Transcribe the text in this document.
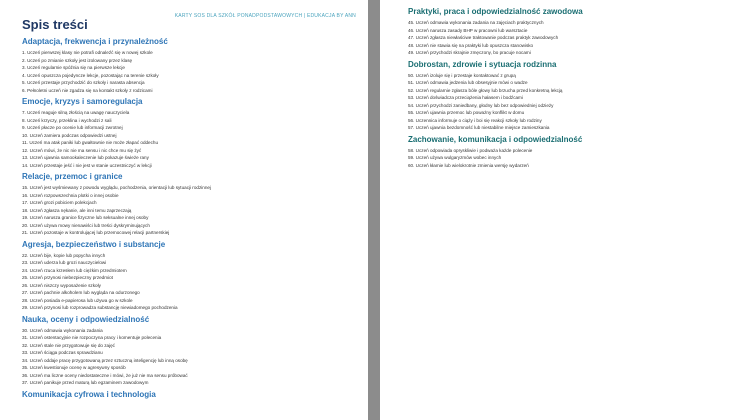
KARTY SOS DLA SZKÓŁ PONADPODSTAWOWYCH | EDUKACJA BY ANN
Spis treści
Adaptacja, frekwencja i przynależność
1. Uczeń pierwszej klasy nie potrafi odnaleźć się w nowej szkole
2. Uczeń po zmianie szkoły jest izolowany przez klasę
3. Uczeń regularnie spóźnia się na pierwsze lekcje
4. Uczeń opuszcza pojedyncze lekcje, pozostając na terenie szkoły
5. Uczeń przestaje przychodzić do szkoły i narasta absencja
6. Pełnoletni uczeń nie zgadza się na kontakt szkoły z rodzicami
Emocje, kryzys i samoregulacja
7. Uczeń reaguje silną złością na uwagę nauczyciela
8. Uczeń krzyczy, przeklina i wychodzi z sali
9. Uczeń płacze po ocenie lub informacji zwrotnej
10. Uczeń zamiera podczas odpowiedzi ustnej
11. Uczeń ma atak paniki lub gwałtownie nie może złapać oddechu
12. Uczeń mówi, że nic nie ma sensu i nic chce mu się żyć
13. Uczeń ujawnia samookaleczenie lub pokazuje świeże rany
14. Uczeń przestaje jeść i nie jest w stanie uczestniczyć w lekcji
Relacje, przemoc i granice
15. Uczeń jest wyśmiewany z powodu wyglądu, pochodzenia, orientacji lub sytuacji rodzinnej
16. Uczeń rozpowszechnia plotki o innej osobie
17. Uczeń grozi pobiciem polekcjach
18. Uczeń zgłasza nękanie, ale inni temu zaprzeczają
19. Uczeń narusza granice fizyczne lub seksualne innej osoby
20. Uczeń używa mowy nienawiści lub treści dyskryminujących
21. Uczeń pozostaje w kontrolującej lub przemocowej relacji partnerskiej
Agresja, bezpieczeństwo i substancje
22. Uczeń bije, kopie lub popycha innych
23. Uczeń uderza lub grozi nauczycielowi
24. Uczeń rzuca krzesłem lub ciężkim przedmiotem
25. Uczeń przynosi niebezpieczny przedmiot
26. Uczeń niszczy wyposażenie szkoły
27. Uczeń pachnie alkoholem lub wygląda na odurzonego
28. Uczeń posiada e-papierosa lub używa go w szkole
29. Uczeń przynosi lub rozprowadza substancję niewiadomego pochodzenia
Nauka, oceny i odpowiedzialność
30. Uczeń odmawia wykonania zadania
31. Uczeń ostentacyjnie nie rozpoczyna pracy i komentuje polecenia
32. Uczeń stale nie przygotowuje się do zajęć
33. Uczeń ściąga podczas sprawdzianu
34. Uczeń oddaje pracę przygotowaną przez sztuczną inteligencję lub inną osobę
35. Uczeń kwestionuje ocenę w agresywny sposób
36. Uczeń ma liczne oceny niedostateczne i mówi, że już nie ma sensu próbować
37. Uczeń panikuje przed maturą lub egzaminem zawodowym
Komunikacja cyfrowa i technologia
Praktyki, praca i odpowiedzialność zawodowa
45. Uczeń odmawia wykonania zadania na zajęciach praktycznych
46. Uczeń narusza zasady BHP w pracowni lub warsztacie
47. Uczeń zgłasza niewłaściwe traktowanie podczas praktyk zawodowych
48. Uczeń nie stawia się na praktyki lub opuszcza stanowisko
49. Uczeń przychodzi skrajnie zmęczony, bo pracuje nocami
Dobrostan, zdrowie i sytuacja rodzinna
50. Uczeń izoluje się i przestaje kontaktować z grupą
51. Uczeń odmawia jedzenia lub obsesyjnie mówi o wadze
52. Uczeń regularnie zgłasza bóle głowy lub brzucha przed konkretną lekcją
53. Uczeń doświadcza przeciążenia hałasem i bodźcami
54. Uczeń przychodzi zaniedbany, głodny lub bez odpowiedniej odzieży
55. Uczeń ujawnia przemoc lub poważny konflikt w domu
56. Uczennica informuje o ciąży i boi się reakcji szkoły lub rodziny
57. Uczeń ujawnia bezdomność lub niestabilne miejsce zamieszkania
Zachowanie, komunikacja i odpowiedzialność
58. Uczeń odpowiada opryskliwie i podważa każde polecenie
59. Uczeń używa wulgaryzmów wobec innych
60. Uczeń kłamie lub wielokrotnie zmienia wersję wydarzeń
